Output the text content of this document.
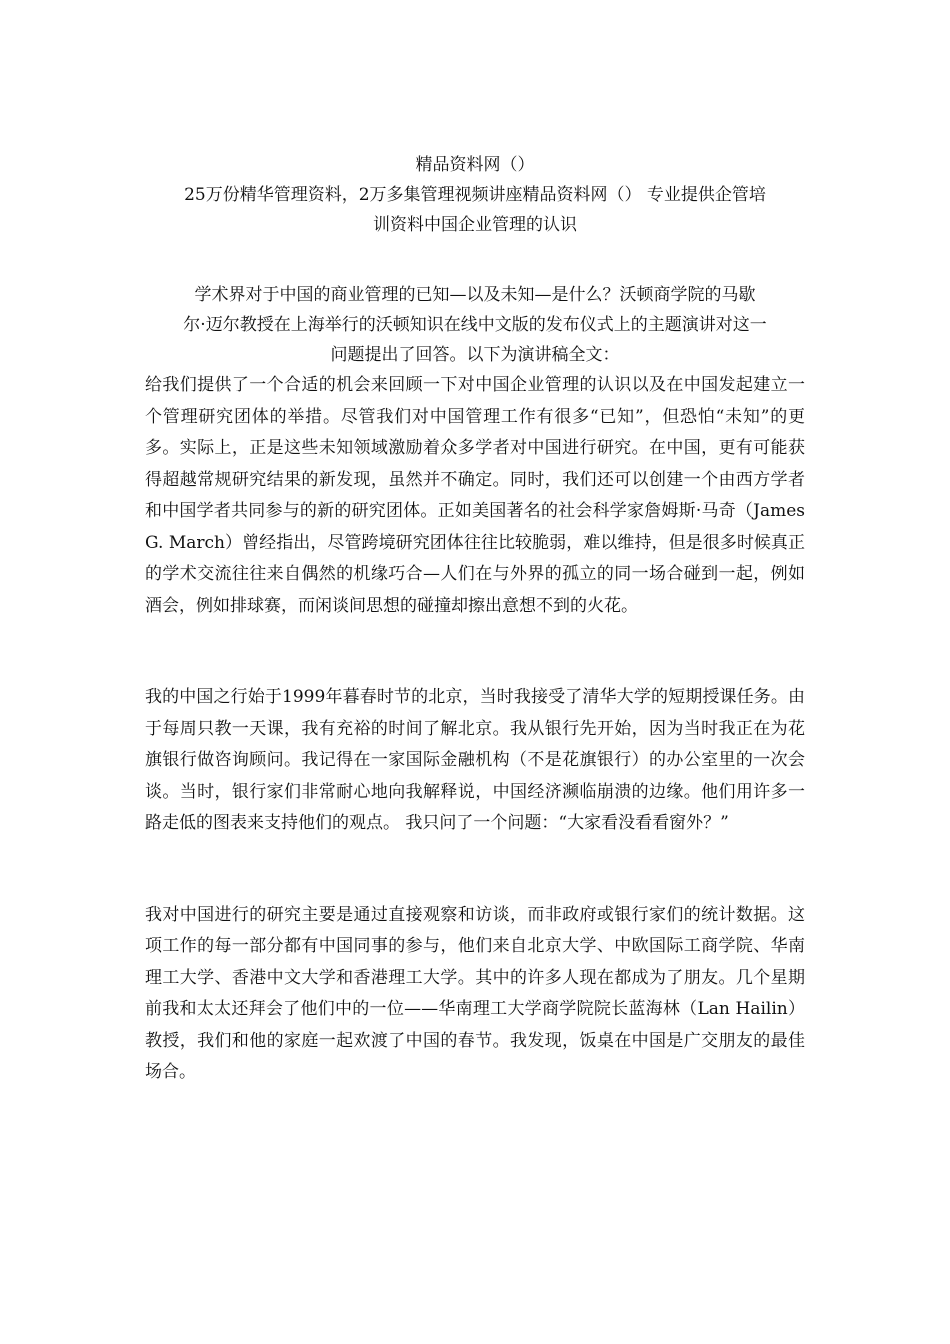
精品资料网（）

25万份精华管理资料，2万多集管理视频讲座精品资料网（） 专业提供企管培

训资料中国企业管理的认识

学术界对于中国的商业管理的已知—以及未知—是什么？沃顿商学院的马歇

尔·迈尔教授在上海举行的沃顿知识在线中文版的发布仪式上的主题演讲对这一

问题提出了回答。以下为演讲稿全文：

给我们提供了一个合适的机会来回顾一下对中国企业管理的认识以及在中国发起建立一个管理研究团体的举措。尽管我们对中国管理工作有很多“已知”，但恐怕“未知”的更多。实际上，正是这些未知领域激励着众多学者对中国进行研究。在中国，更有可能获得超越常规研究结果的新发现，虽然并不确定。同时，我们还可以创建一个由西方学者和中国学者共同参与的新的研究团体。正如美国著名的社会科学家詹姆斯·马奇（James G. March）曾经指出，尽管跨境研究团体往往比较脆弱，难以维持，但是很多时候真正的学术交流往往来自偶然的机缘巧合—人们在与外界的孤立的同一场合碰到一起，例如酒会，例如排球赛，而闲谈间思想的碰撞却擦出意想不到的火花。

我的中国之行始于1999年暮春时节的北京，当时我接受了清华大学的短期授课任务。由于每周只教一天课，我有充裕的时间了解北京。我从银行先开始，因为当时我正在为花旗银行做咨询顾问。我记得在一家国际金融机构（不是花旗银行）的办公室里的一次会谈。当时，银行家们非常耐心地向我解释说，中国经济濒临崩溃的边缘。他们用许多一路走低的图表来支持他们的观点。 我只问了一个问题：“大家看没看看窗外？”

我对中国进行的研究主要是通过直接观察和访谈，而非政府或银行家们的统计数据。这项工作的每一部分都有中国同事的参与，他们来自北京大学、中欧国际工商学院、华南理工大学、香港中文大学和香港理工大学。其中的许多人现在都成为了朋友。几个星期前我和太太还拜会了他们中的一位——华南理工大学商学院院长蓝海林（Lan Hailin）教授，我们和他的家庭一起欢渡了中国的春节。我发现，饭桌在中国是广交朋友的最佳场合。
